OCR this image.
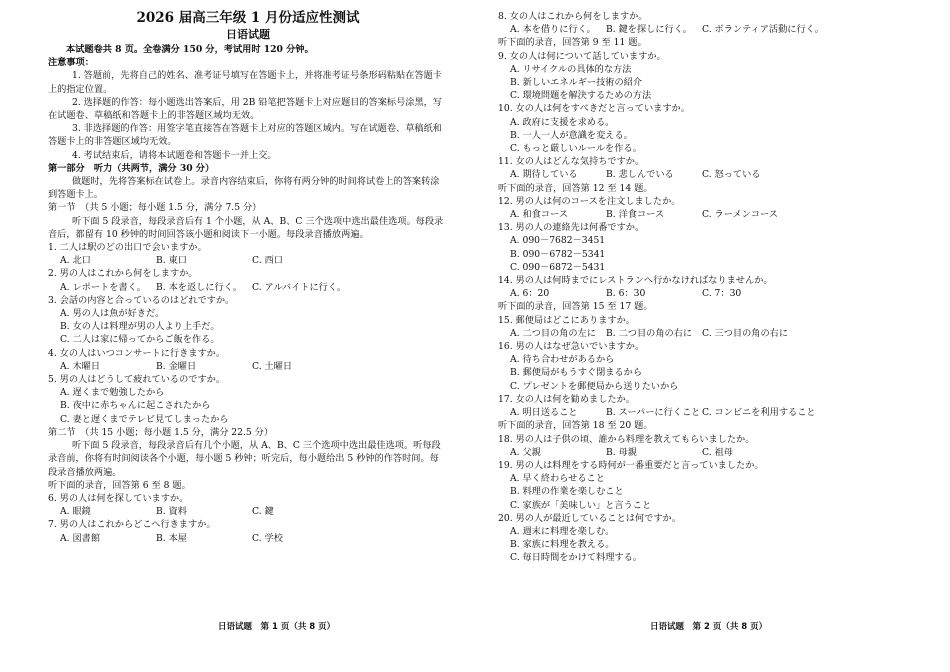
2026 届高三年级 1 月份适应性测试

日语试题

本试题卷共 8 页。全卷满分 150 分，考试用时 120 分钟。

注意事项：

1. 答题前，先将自己的姓名、准考证号填写在答题卡上，并将准考证号条形码粘贴在答题卡上的指定位置。

2. 选择题的作答：每小题选出答案后，用 2B 铅笔把答题卡上对应题目的答案标号涂黑，写在试题卷、草稿纸和答题卡上的非答题区域均无效。

3. 非选择题的作答：用签字笔直接答在答题卡上对应的答题区域内。写在试题卷、草稿纸和答题卡上的非答题区域均无效。

4. 考试结束后，请将本试题卷和答题卡一并上交。

第一部分　听力（共两节，满分 30 分）

做题时，先将答案标在试卷上。录音内容结束后，你将有两分钟的时间将试卷上的答案转涂到答题卡上。

第一节　（共 5 小题；每小题 1.5 分，满分 7.5 分）

听下面 5 段录音，每段录音后有 1 个小题，从 A、B、C 三个选项中选出最佳选项。每段录音后，都留有 10 秒钟的时间回答该小题和阅读下一小题。每段录音播放两遍。

1. 二人は駅のどの出口で会いますか。

A. 北口	B. 東口	C. 西口

2. 男の人はこれから何をしますか。

A. レポートを書く。	B. 本を返しに行く。	C. アルバイトに行く。

3. 会話の内容と合っているのはどれですか。

A. 男の人は魚が好きだ。

B. 女の人は料理が男の人より上手だ。

C. 二人は家に帰ってからご飯を作る。

4. 女の人はいつコンサートに行きますか。

A. 木曜日	B. 金曜日	C. 土曜日

5. 男の人はどうして疲れているのですか。

A. 遅くまで勉強したから

B. 夜中に赤ちゃんに起こされたから

C. 妻と遅くまでテレビ見てしまったから

第二节　（共 15 小题；每小题 1.5 分，满分 22.5 分）

听下面 5 段录音，每段录音后有几个小题，从 A、B、C 三个选项中选出最佳选项。听每段录音前，你将有时间阅读各个小题，每小题 5 秒钟；听完后，每小题给出 5 秒钟的作答时间。每段录音播放两遍。

听下面的录音，回答第 6 至 8 题。

6. 男の人は何を探していますか。

A. 眼鏡	B. 資料	C. 鍵

7. 男の人はこれからどこへ行きますか。

A. 図書館	B. 本屋	C. 学校

8. 女の人はこれから何をしますか。

A. 本を借りに行く。	B. 鍵を探しに行く。	C. ボランティア活動に行く。

听下面的录音，回答第 9 至 11 题。

9. 女の人は何について話していますか。

A. リサイクルの具体的な方法

B. 新しいエネルギー技術の紹介

C. 環境問題を解決するための方法

10. 女の人は何をすべきだと言っていますか。

A. 政府に支援を求める。

B. 一人一人が意識を変える。

C. もっと厳しいルールを作る。

11. 女の人はどんな気持ちですか。

A. 期待している	B. 悲しんでいる	C. 怒っている

听下面的录音，回答第 12 至 14 题。

12. 男の人は何のコースを注文しましたか。

A. 和食コース	B. 洋食コース	C. ラーメンコース

13. 男の人の連絡先は何番ですか。

A. 090－7682－3451

B. 090－6782－5341

C. 090－6872－5431

14. 男の人は何時までにレストランへ行かなければなりませんか。

A. 6：20	B. 6：30	C. 7：30

听下面的录音，回答第 15 至 17 题。

15. 郵便局はどこにありますか。

A. 二つ目の角の左に	B. 二つ目の角の右に	C. 三つ目の角の右に

16. 男の人はなぜ急いでいますか。

A. 待ち合わせがあるから

B. 郵便局がもうすぐ閉まるから

C. プレゼントを郵便局から送りたいから

17. 女の人は何を勧めましたか。

A. 明日送ること	B. スーパーに行くこと C. コンビニを利用すること

听下面的录音，回答第 18 至 20 题。

18. 男の人は子供の頃、誰から料理を教えてもらいましたか。

A. 父親	B. 母親	C. 祖母

19. 男の人は料理をする時何が一番重要だと言っていましたか。

A. 早く終わらせること

B. 料理の作業を楽しむこと

C. 家族が「美味しい」と言うこと

20. 男の人が最近していることは何ですか。

A. 週末に料理を楽しむ。

B. 家族に料理を教える。

C. 毎日時間をかけて料理する。

日语试题　第 1 页（共 8 页）	日语试题　第 2 页（共 8 页）
